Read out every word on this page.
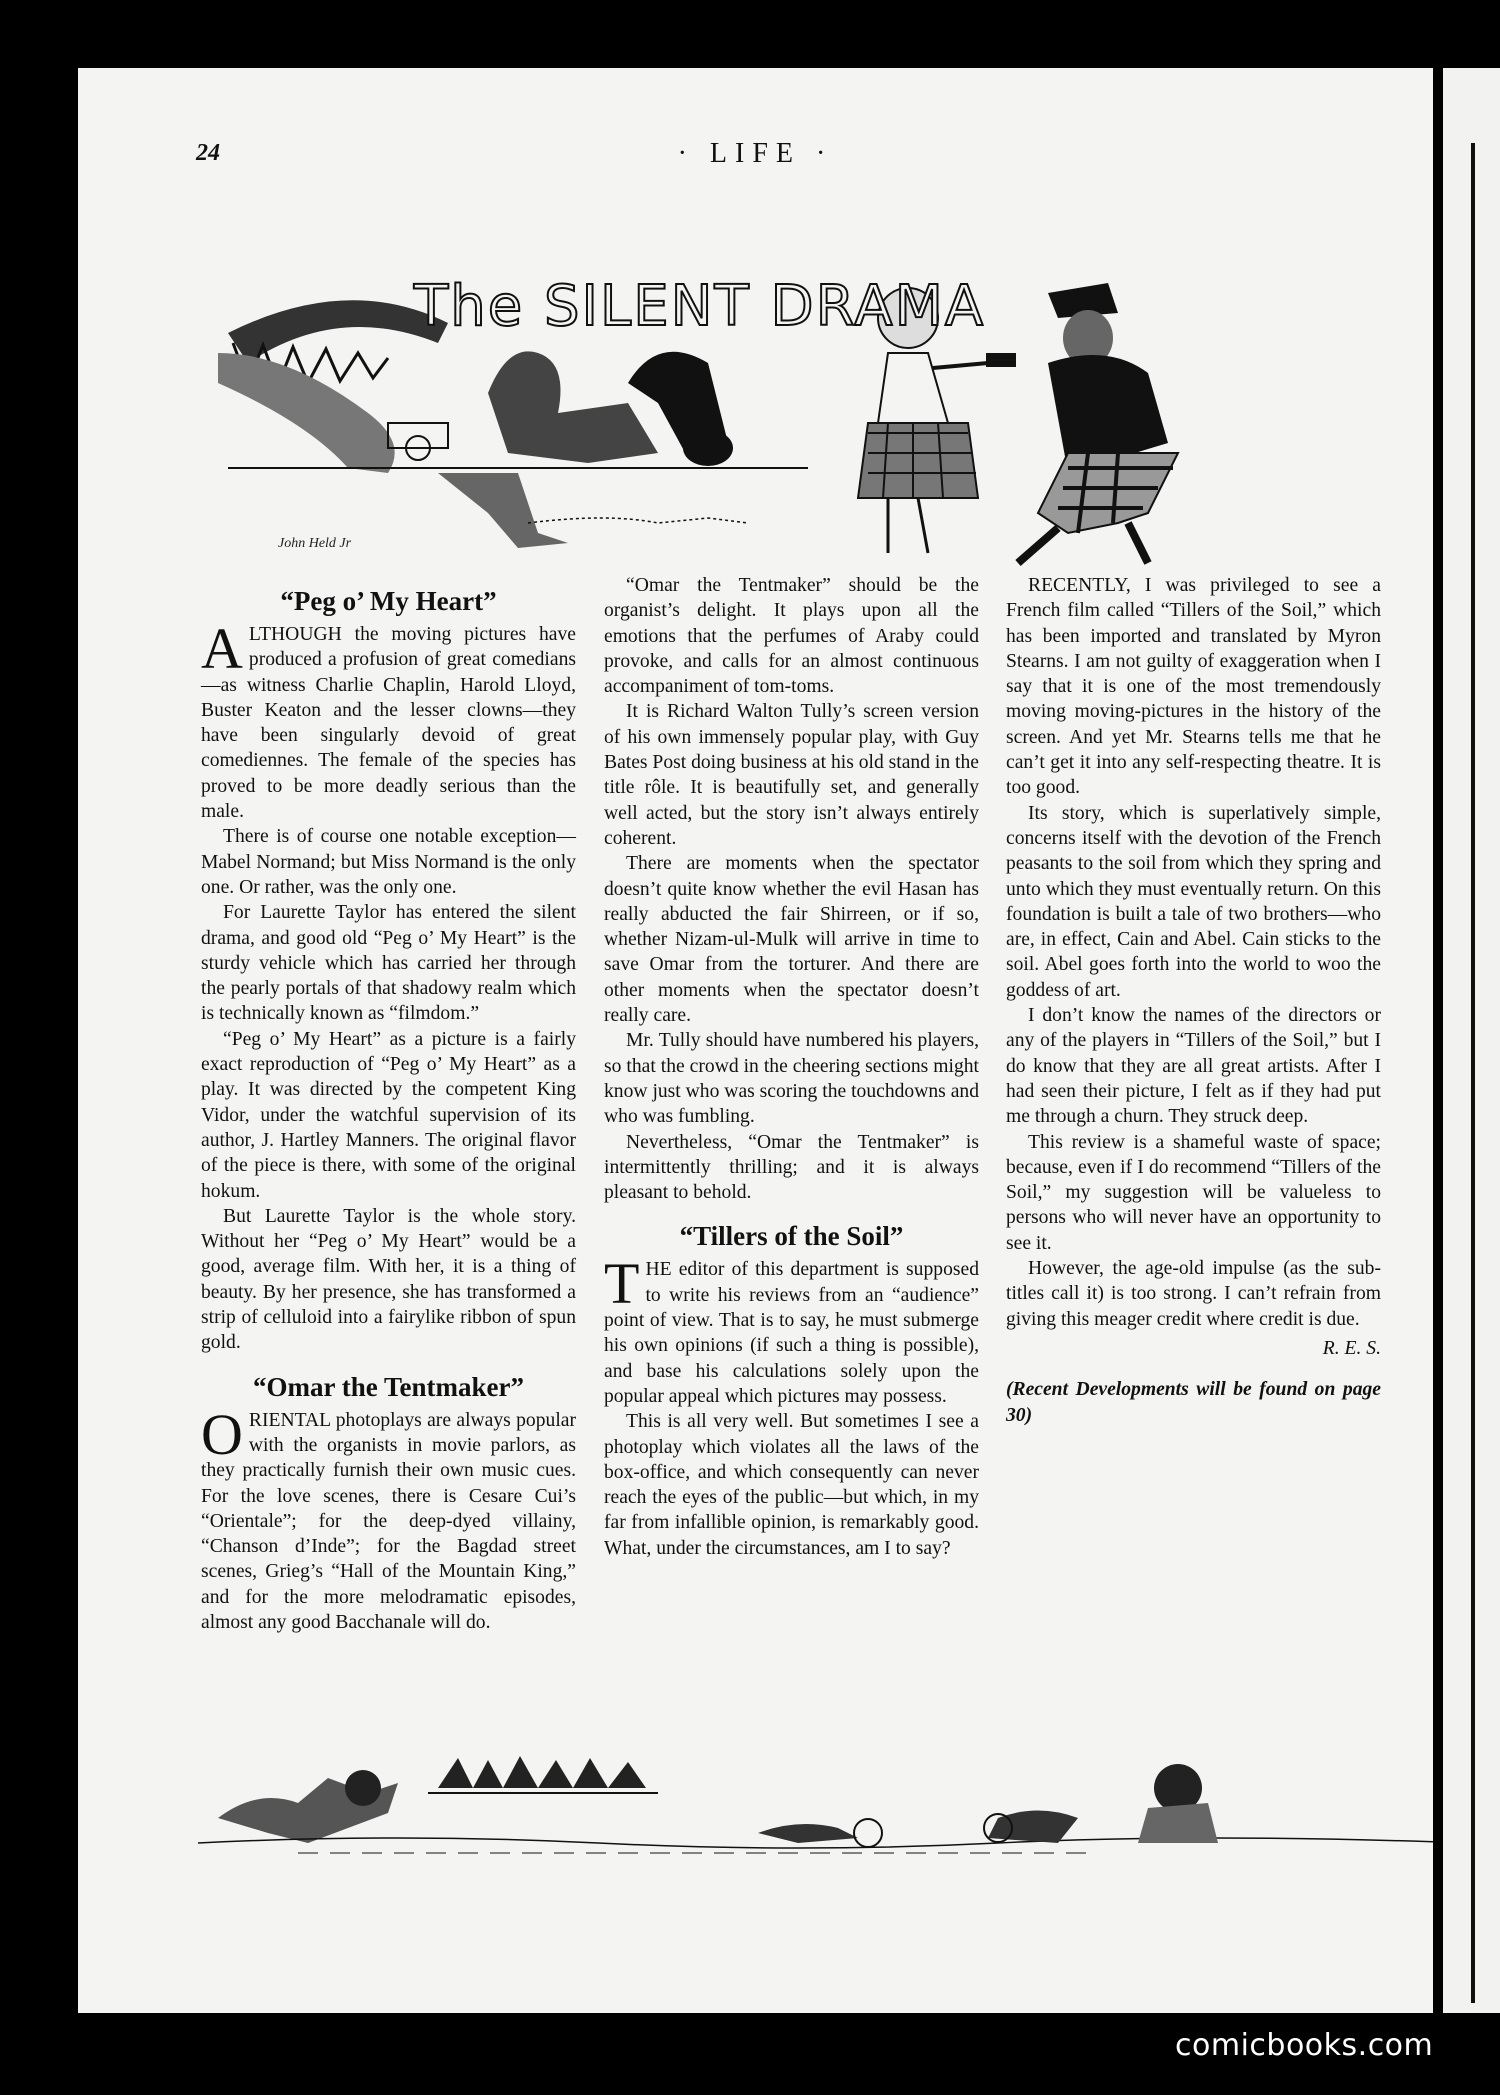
24	· LIFE ·
The SILENT DRAMA
John Held Jr
“Peg o’ My Heart”

ALTHOUGH the moving pictures have produced a profusion of great comedians—as witness Charlie Chaplin, Harold Lloyd, Buster Keaton and the lesser clowns—they have been singularly devoid of great comediennes. The female of the species has proved to be more deadly serious than the male.

There is of course one notable exception—Mabel Normand; but Miss Normand is the only one. Or rather, was the only one.

For Laurette Taylor has entered the silent drama, and good old “Peg o’ My Heart” is the sturdy vehicle which has carried her through the pearly portals of that shadowy realm which is technically known as “filmdom.”

“Peg o’ My Heart” as a picture is a fairly exact reproduction of “Peg o’ My Heart” as a play. It was directed by the competent King Vidor, under the watchful supervision of its author, J. Hartley Manners. The original flavor of the piece is there, with some of the original hokum.

But Laurette Taylor is the whole story. Without her “Peg o’ My Heart” would be a good, average film. With her, it is a thing of beauty. By her presence, she has transformed a strip of celluloid into a fairylike ribbon of spun gold.

“Omar the Tentmaker”

ORIENTAL photoplays are always popular with the organists in movie parlors, as they practically furnish their own music cues. For the love scenes, there is Cesare Cui’s “Orientale”; for the deep-dyed villainy, “Chanson d’Inde”; for the Bagdad street scenes, Grieg’s “Hall of the Mountain King,” and for the more melodramatic episodes, almost any good Bacchanale will do.

“Omar the Tentmaker” should be the organist’s delight. It plays upon all the emotions that the perfumes of Araby could provoke, and calls for an almost continuous accompaniment of tom-toms.

It is Richard Walton Tully’s screen version of his own immensely popular play, with Guy Bates Post doing business at his old stand in the title rôle. It is beautifully set, and generally well acted, but the story isn’t always entirely coherent.

There are moments when the spectator doesn’t quite know whether the evil Hasan has really abducted the fair Shirreen, or if so, whether Nizam-ul-Mulk will arrive in time to save Omar from the torturer. And there are other moments when the spectator doesn’t really care.

Mr. Tully should have numbered his players, so that the crowd in the cheering sections might know just who was scoring the touchdowns and who was fumbling.

Nevertheless, “Omar the Tentmaker” is intermittently thrilling; and it is always pleasant to behold.

“Tillers of the Soil”

THE editor of this department is supposed to write his reviews from an “audience” point of view. That is to say, he must submerge his own opinions (if such a thing is possible), and base his calculations solely upon the popular appeal which pictures may possess.

This is all very well. But sometimes I see a photoplay which violates all the laws of the box-office, and which consequently can never reach the eyes of the public—but which, in my far from infallible opinion, is remarkably good. What, under the circumstances, am I to say?

RECENTLY, I was privileged to see a French film called “Tillers of the Soil,” which has been imported and translated by Myron Stearns. I am not guilty of exaggeration when I say that it is one of the most tremendously moving moving-pictures in the history of the screen. And yet Mr. Stearns tells me that he can’t get it into any self-respecting theatre. It is too good.

Its story, which is superlatively simple, concerns itself with the devotion of the French peasants to the soil from which they spring and unto which they must eventually return. On this foundation is built a tale of two brothers—who are, in effect, Cain and Abel. Cain sticks to the soil. Abel goes forth into the world to woo the goddess of art.

I don’t know the names of the directors or any of the players in “Tillers of the Soil,” but I do know that they are all great artists. After I had seen their picture, I felt as if they had put me through a churn. They struck deep.

This review is a shameful waste of space; because, even if I do recommend “Tillers of the Soil,” my suggestion will be valueless to persons who will never have an opportunity to see it.

However, the age-old impulse (as the sub-titles call it) is too strong. I can’t refrain from giving this meager credit where credit is due.

R. E. S.

(Recent Developments will be found on page 30)

comicbooks.com
